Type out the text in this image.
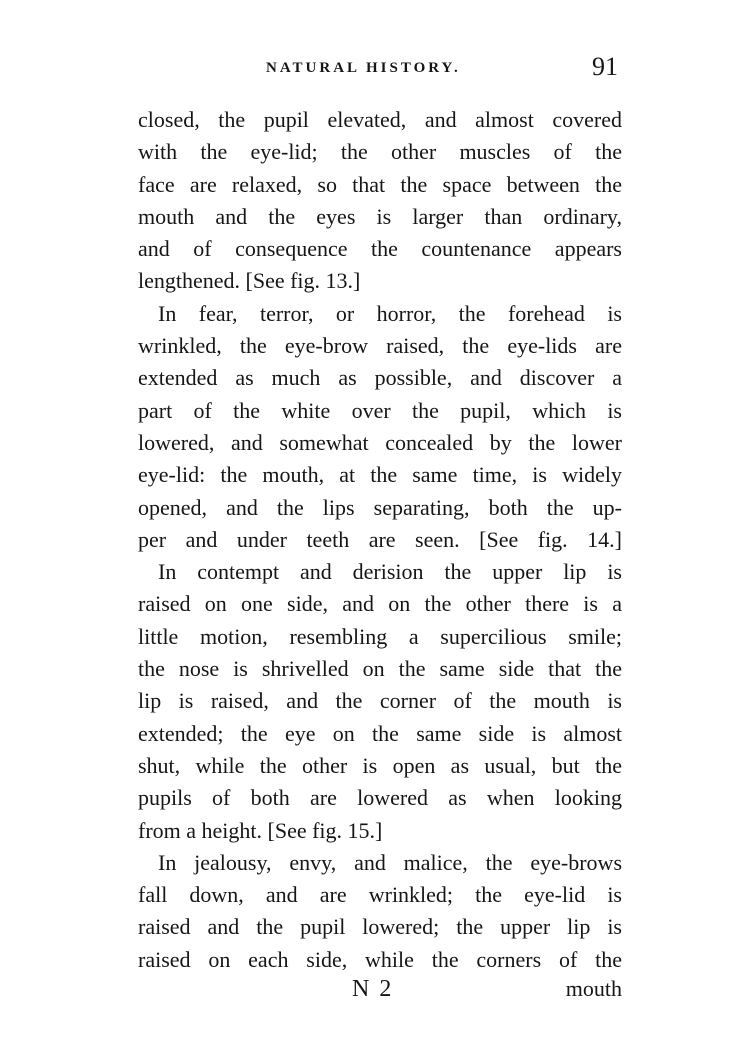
NATURAL HISTORY.	91
closed, the pupil elevated, and almost covered
with the eye-lid; the other muscles of the
face are relaxed, so that the space between the
mouth and the eyes is larger than ordinary,
and of consequence the countenance appears
lengthened. [See fig. 13.]
In fear, terror, or horror, the forehead is
wrinkled, the eye-brow raised, the eye-lids are
extended as much as possible, and discover a
part of the white over the pupil, which is
lowered, and somewhat concealed by the lower
eye-lid: the mouth, at the same time, is widely
opened, and the lips separating, both the up-
per and under teeth are seen. [See fig. 14.]
In contempt and derision the upper lip is
raised on one side, and on the other there is a
little motion, resembling a supercilious smile;
the nose is shrivelled on the same side that the
lip is raised, and the corner of the mouth is
extended; the eye on the same side is almost
shut, while the other is open as usual, but the
pupils of both are lowered as when looking
from a height. [See fig. 15.]
In jealousy, envy, and malice, the eye-brows
fall down, and are wrinkled; the eye-lid is
raised and the pupil lowered; the upper lip is
raised on each side, while the corners of the
N 2	mouth
